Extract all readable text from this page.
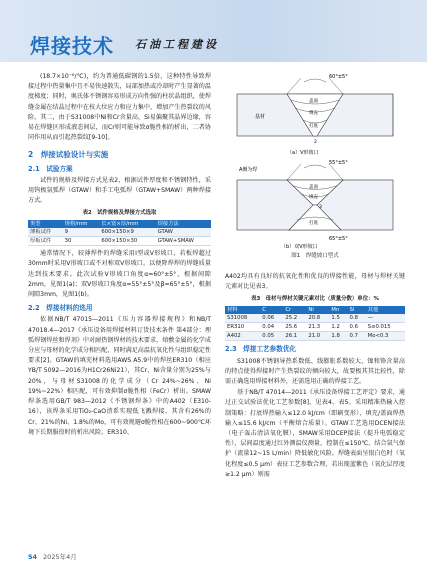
焊接技术 石油工程建设

(18.7×10⁻⁶/℃)，约为普通低碳钢的1.5倍，这种特性导致焊接过程中热量集中且不易快速散失，局部加热或冷却时产生显著的温度梯度；同时，奥氏体不锈钢容易形成方向性强的柱状晶组织，使焊缝金属在结晶过程中在枝大位应力和应力集中，增加产生热裂纹的风险。其二，由于S31008中Ni和Cr含量高，Si易偏聚其晶界边缘，容易在焊缝区形成液态间层，而Cr则可能导致σ脆性相的析出，二者协同作用从而引起热裂纹[9-10]。

2　焊接试验设计与实施
2.1　试验方案

试件的规格及焊接方式见表2，根据试件厚度和不锈钢特性，采用钨极氩弧焊（GTAW）和手工电弧焊（GTAW+SMAW）两种焊接方式。

表2　试件规格及焊接方式选取
类型	规格/mm	长×宽×厚/mm	焊接方法
薄板试件	9	600×150×9	GTAW
厚板试件	30	600×150×30	GTAW+SMAW

通常情况下，较薄焊件的焊缝采用I型或V形坡口，若板焊超过30mm时采用V形坡口或不对称双V形坡口。以便降焊焊的焊缝质量达到技术要求。此次试验V形坡口角度α=60°±5°，根据间隙2mm，见图1(a)；双V形坡口角度α=55°±5°及β=65°±5°，根据间隙3mm，见图1(b)。

2.2　焊接材料的选用

依据NB/T 47015—2011《压力容器焊接规程》和NB/T 47018.4—2017《承压设备用焊接材料订货技术条件 第4部分：埋弧焊钢焊丝和焊剂》中对耐热钢焊材的技术要求，熔敷金属的化学成分应与母材的化学成分相匹配，同时满足高温抗氧化性与组织稳定性要求[2]。GTAW的填充材料选用AWS A5.9中的焊丝ER310（相应YB/T 5092—2016为H1Cr26Ni21），其Cr、Ni含量分别为25%与20%，与母材S31008的化学成分（Cr 24%~26%、Ni 19%~22%）相匹配，可有效抑制σ脆性相（FeCr）析出。SMAW焊条选用GB/T 983—2012《不锈钢焊条》中的A402（E310-16），该焊条采用TiO₂-CaO渣系实现低飞溅焊接，其含有26%的Cr、21%的Ni、1.8%的Mo，可有效规避σ脆性相在600~900℃环境下长期服役时的析出风险。ER310、

60°±5°
基材
盖面
填充
打底
2
（a）V形坡口
A侧为焊
55°±5°
盖面
填充
打底
3
65°±5°
（b）双V形坡口
图1　焊缝坡口型式

A402均具有良好的抗氧化性和优良的焊接性能，母材与焊材关键元素对比见表3。

表3　母材与焊材关键元素对比（质量分数）单位：%
材料	C	Cr	Ni	Mn	Si	其他
S31008	0.06	25.2	20.8	1.5	0.8	—
ER310	0.04	25.6	21.3	1.2	0.6	S≤0.015
A402	0.05	26.1	21.0	1.8	0.7	Mo<0.3
2.3　焊接工艺参数优化

S31008不锈钢导热系数低、线膨胀系数较大、镍和铬含量高的特点使得焊接时产生热裂纹的倾向较大，故要极其其比较性，除需正确选用焊接材料外，还需选用正确的焊接工艺。

基于NB/T 47014—2011《承压设备焊接工艺评定》要求，通过正交试验法优化工艺参数[8]，见表4、表5。采用精准热输入控制策略：打底焊热输入≤12.0 kJ/cm（即刷变形），填充/盖面焊热输入≤15.6 kJ/cm（平衡熔合质量）。GTAW工艺选用DCEN接法（电子轰击清洁氧化膜），SMAW采用DCEP接法（提升电弧稳定性），层间温度通过红外测温仪测量，控制在≤150℃，结合氩气保护（流量12~15 L/min）降低敏化风险。焊缝表面呈银白色时（氧化程度≤0.5 μm）表征工艺参数合理，若出现蓝紫色（氧化层厚度≥1.2 μm）则需

54 2025年4月
